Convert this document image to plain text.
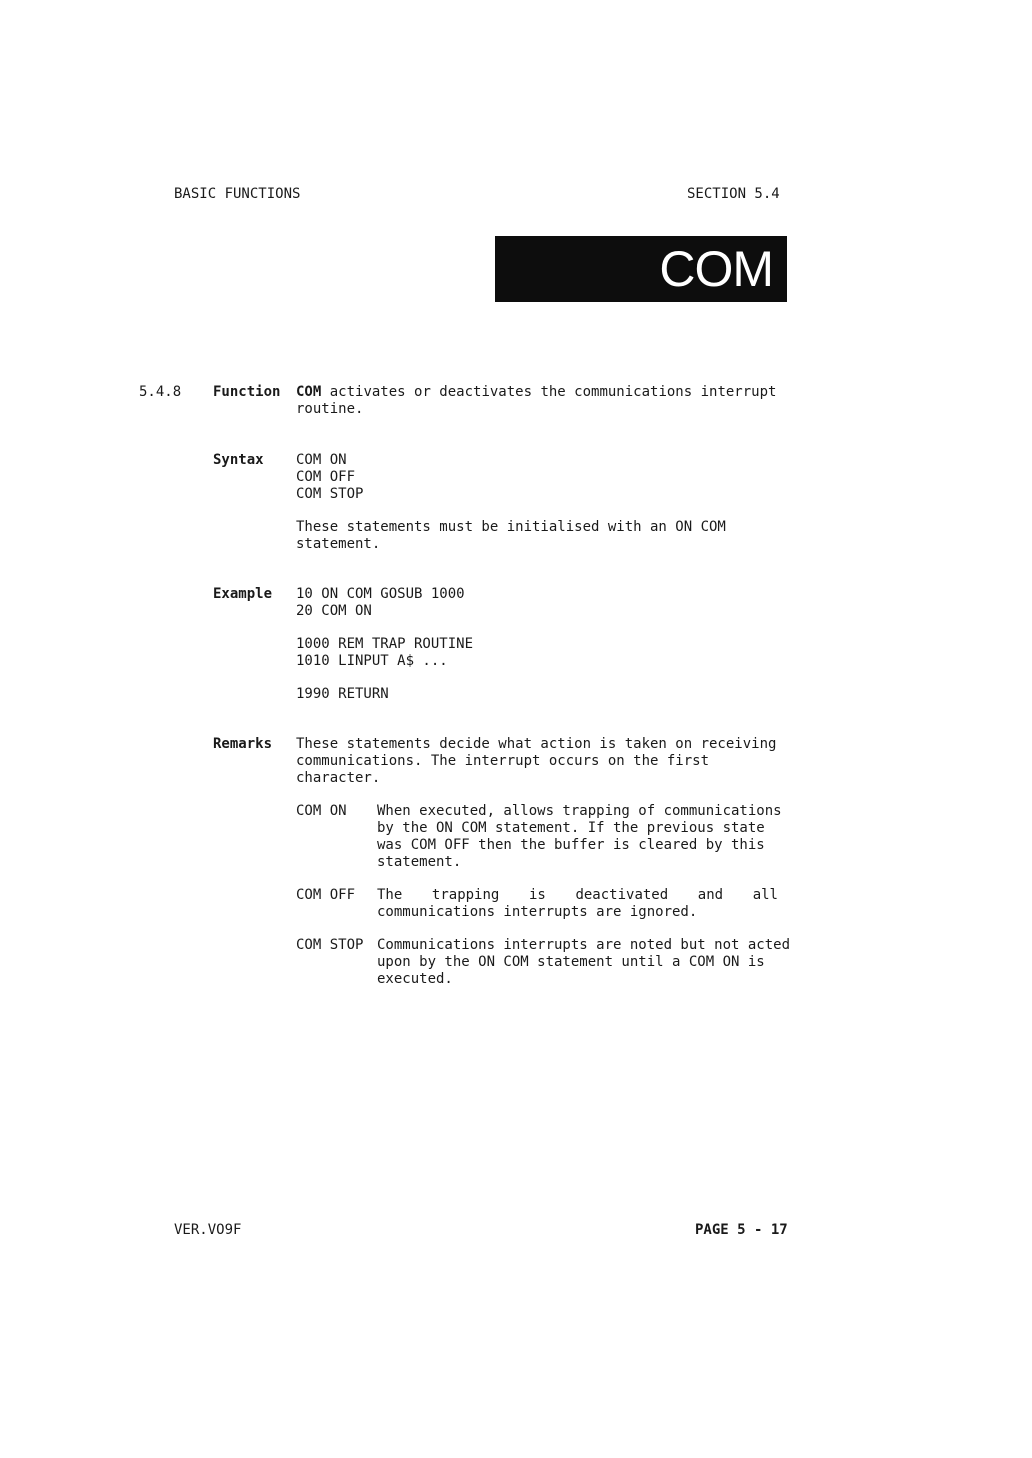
BASIC FUNCTIONS	SECTION 5.4
COM
5.4.8 Function COM activates or deactivates the communications interrupt
routine.
Syntax COM ON
COM OFF
COM STOP
These statements must be initialised with an ON COM
statement.
Example 10 ON COM GOSUB 1000
20 COM ON
1000 REM TRAP ROUTINE
1010 LINPUT A$ ...
1990 RETURN
Remarks These statements decide what action is taken on receiving
communications. The interrupt occurs on the first
character.
COM ON When executed, allows trapping of communications
by the ON COM statement. If the previous state
was COM OFF then the buffer is cleared by this
statement.
COM OFF The trapping is deactivated and all
communications interrupts are ignored.
COM STOP Communications interrupts are noted but not acted
upon by the ON COM statement until a COM ON is
executed.
VER.VO9F	PAGE 5 - 17
